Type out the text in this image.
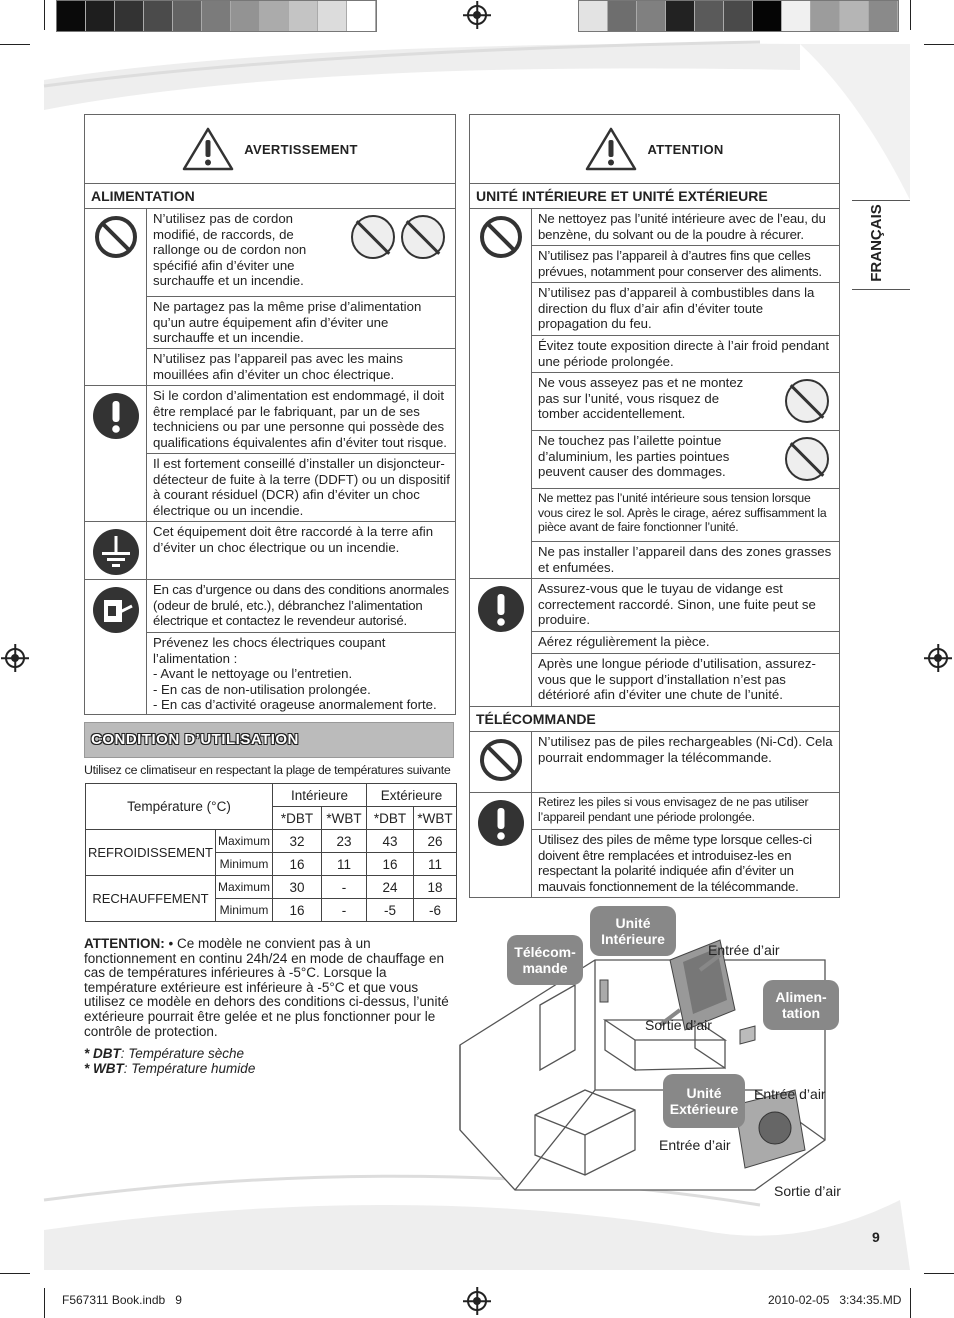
FRANÇAIS
AVERTISSEMENT
ALIMENTATION
N’utilisez pas de cordon modifié, de raccords, de rallonge ou de cordon non spécifié afin d’éviter une surchauffe et un incendie.
Ne partagez pas la même prise d’alimentation qu’un autre équipement afin d’éviter une surchauffe et un incendie.
N’utilisez pas l’appareil pas avec les mains mouillées afin d’éviter un choc électrique.
Si le cordon d’alimentation est endommagé, il doit être remplacé par le fabriquant, par un de ses techniciens ou par une personne qui possède des qualifications équivalentes afin d’éviter tout risque.
Il est fortement conseillé d’installer un disjoncteur-détecteur de fuite à la terre (DDFT) ou un dispositif à courant résiduel (DCR) afin d’éviter un choc électrique ou un incendie.
Cet équipement doit être raccordé à la terre afin d’éviter un choc électrique ou un incendie.
En cas d’urgence ou dans des conditions anormales (odeur de brulé, etc.), débranchez l’alimentation électrique et contactez le revendeur autorisé.
Prévenez les chocs électriques coupant l’alimentation :
- Avant le nettoyage ou l’entretien.
- En cas de non-utilisation prolongée.
- En cas d’activité orageuse anormalement forte.
CONDITION D’UTILISATION
Utilisez ce climatiseur en respectant la plage de températures suivante
Température (°C)		Intérieure		Extérieure	
		*DBT	*WBT	*DBT	*WBT
REFROIDISSEMENT	Maximum	32	23	43	26
	Minimum	16	11	16	11
RECHAUFFEMENT	Maximum	30	-	24	18
	Minimum	16	-	-5	-6
ATTENTION: • Ce modèle ne convient pas à un fonctionnement en continu 24h/24 en mode de chauffage en cas de températures inférieures à -5°C. Lorsque la température extérieure est inférieure à -5°C et que vous utilisez ce modèle en dehors des conditions ci-dessus, l’unité extérieure pourrait être gelée et ne plus fonctionner pour le contrôle de protection.
* DBT: Température sèche
* WBT: Température humide
ATTENTION
UNITÉ INTÉRIEURE ET UNITÉ EXTÉRIEURE
Ne nettoyez pas l’unité intérieure avec de l’eau, du benzène, du solvant ou de la poudre à récurer.
N’utilisez pas l’appareil à d’autres fins que celles prévues, notamment pour conserver des aliments.
N’utilisez pas d’appareil à combustibles dans la direction du flux d’air afin d’éviter toute propagation du feu.
Évitez toute exposition directe à l’air froid pendant une période prolongée.
Ne vous asseyez pas et ne montez pas sur l’unité, vous risquez de tomber accidentellement.
Ne touchez pas l’ailette pointue d’aluminium, les parties pointues peuvent causer des dommages.
Ne mettez pas l’unité intérieure sous tension lorsque vous cirez le sol. Après le cirage, aérez suffisamment la pièce avant de faire fonctionner l’unité.
Ne pas installer l’appareil dans des zones grasses et enfumées.
Assurez-vous que le tuyau de vidange est correctement raccordé. Sinon, une fuite peut se produire.
Aérez régulièrement la pièce.
Après une longue période d’utilisation, assurez-vous que le support d’installation n’est pas détérioré afin d’éviter une chute de l’unité.
TÉLÉCOMMANDE
N’utilisez pas de piles rechargeables (Ni-Cd). Cela pourrait endommager la télécommande.
Retirez les piles si vous envisagez de ne pas utiliser l’appareil pendant une période prolongée.
Utilisez des piles de même type lorsque celles-ci doivent être remplacées et introduisez-les en respectant la polarité indiquée afin d’éviter un mauvais fonctionnement de la télécommande.
Télécom-
mande
Unité
Intérieure
Alimen-
tation
Unité
Extérieure
Entrée d’air
Sortie d’air
Entrée d’air
Entrée d’air
Sortie d’air
9
F567311 Book.indb   9	2010-02-05   3:34:35.MD
